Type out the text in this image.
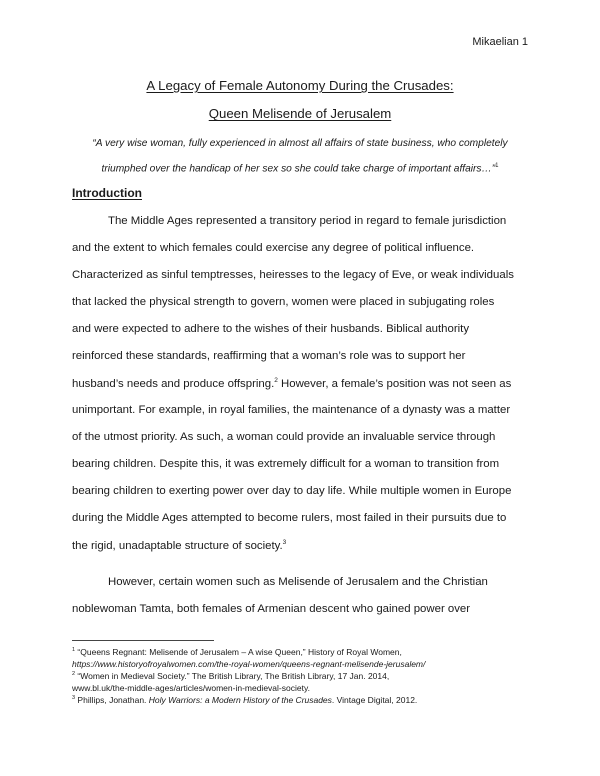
Mikaelian 1
A Legacy of Female Autonomy During the Crusades:
Queen Melisende of Jerusalem
“A very wise woman, fully experienced in almost all affairs of state business, who completely
triumphed over the handicap of her sex so she could take charge of important affairs…”$^1$
Introduction
The Middle Ages represented a transitory period in regard to female jurisdiction
and the extent to which females could exercise any degree of political influence.
Characterized as sinful temptresses, heiresses to the legacy of Eve, or weak individuals
that lacked the physical strength to govern, women were placed in subjugating roles
and were expected to adhere to the wishes of their husbands. Biblical authority
reinforced these standards, reaffirming that a woman’s role was to support her
husband’s needs and produce offspring.$^2$ However, a female’s position was not seen as
unimportant. For example, in royal families, the maintenance of a dynasty was a matter
of the utmost priority. As such, a woman could provide an invaluable service through
bearing children. Despite this, it was extremely difficult for a woman to transition from
bearing children to exerting power over day to day life. While multiple women in Europe
during the Middle Ages attempted to become rulers, most failed in their pursuits due to
the rigid, unadaptable structure of society.$^3$
However, certain women such as Melisende of Jerusalem and the Christian
noblewoman Tamta, both females of Armenian descent who gained power over
$^1$ “Queens Regnant: Melisende of Jerusalem – A wise Queen,” History of Royal Women,
https://www.historyofroyalwomen.com/the-royal-women/queens-regnant-melisende-jerusalem/
$^2$ “Women in Medieval Society.” The British Library, The British Library, 17 Jan. 2014,
www.bl.uk/the-middle-ages/articles/women-in-medieval-society.
$^3$ Phillips, Jonathan. Holy Warriors: a Modern History of the Crusades. Vintage Digital, 2012.
